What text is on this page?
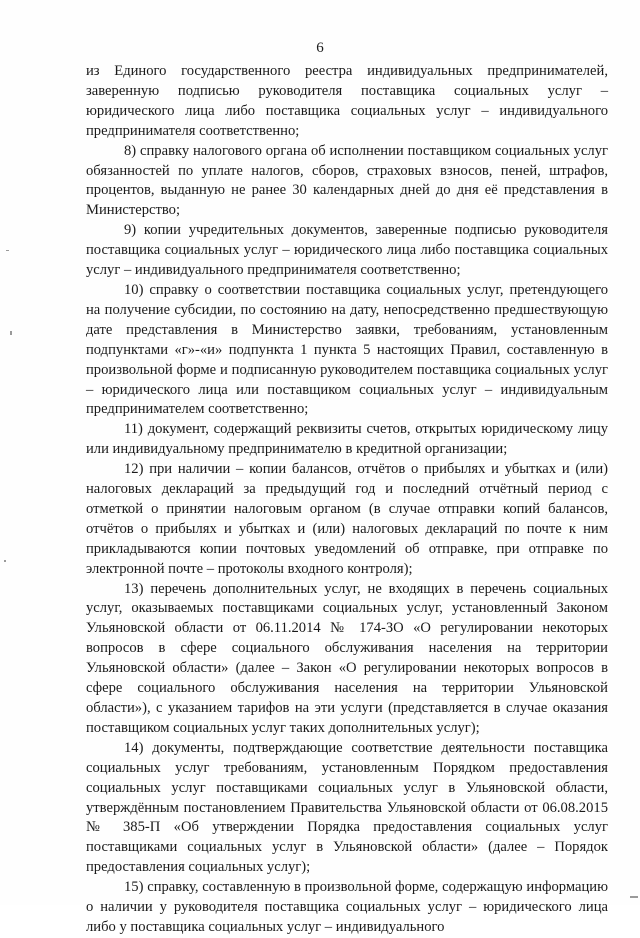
6

из Единого государственного реестра индивидуальных предпринимателей, заверенную подписью руководителя поставщика социальных услуг – юридического лица либо поставщика социальных услуг – индивидуального предпринимателя соответственно;

8) справку налогового органа об исполнении поставщиком социальных услуг обязанностей по уплате налогов, сборов, страховых взносов, пеней, штрафов, процентов, выданную не ранее 30 календарных дней до дня её представления в Министерство;

9) копии учредительных документов, заверенные подписью руководителя поставщика социальных услуг – юридического лица либо поставщика социальных услуг – индивидуального предпринимателя соответственно;

10) справку о соответствии поставщика социальных услуг, претендующего на получение субсидии, по состоянию на дату, непосредственно предшествующую дате представления в Министерство заявки, требованиям, установленным подпунктами «г»-«и» подпункта 1 пункта 5 настоящих Правил, составленную в произвольной форме и подписанную руководителем поставщика социальных услуг – юридического лица или поставщиком социальных услуг – индивидуальным предпринимателем соответственно;

11) документ, содержащий реквизиты счетов, открытых юридическому лицу или индивидуальному предпринимателю в кредитной организации;

12) при наличии – копии балансов, отчётов о прибылях и убытках и (или) налоговых деклараций за предыдущий год и последний отчётный период с отметкой о принятии налоговым органом (в случае отправки копий балансов, отчётов о прибылях и убытках и (или) налоговых деклараций по почте к ним прикладываются копии почтовых уведомлений об отправке, при отправке по электронной почте – протоколы входного контроля);

13) перечень дополнительных услуг, не входящих в перечень социальных услуг, оказываемых поставщиками социальных услуг, установленный Законом Ульяновской области от 06.11.2014 № 174-ЗО «О регулировании некоторых вопросов в сфере социального обслуживания населения на территории Ульяновской области» (далее – Закон «О регулировании некоторых вопросов в сфере социального обслуживания населения на территории Ульяновской области»), с указанием тарифов на эти услуги (представляется в случае оказания поставщиком социальных услуг таких дополнительных услуг);

14) документы, подтверждающие соответствие деятельности поставщика социальных услуг требованиям, установленным Порядком предоставления социальных услуг поставщиками социальных услуг в Ульяновской области, утверждённым постановлением Правительства Ульяновской области от 06.08.2015 № 385-П «Об утверждении Порядка предоставления социальных услуг поставщиками социальных услуг в Ульяновской области» (далее – Порядок предоставления социальных услуг);

15) справку, составленную в произвольной форме, содержащую информацию о наличии у руководителя поставщика социальных услуг – юридического лица либо у поставщика социальных услуг – индивидуального
